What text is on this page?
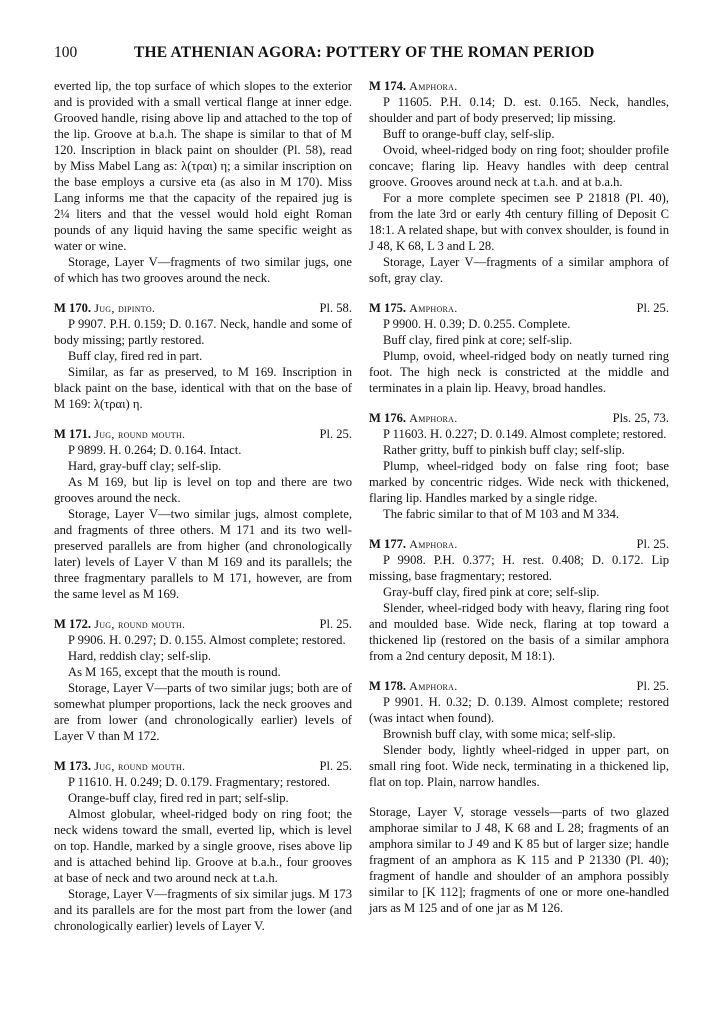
100	THE ATHENIAN AGORA: POTTERY OF THE ROMAN PERIOD

everted lip, the top surface of which slopes to the exterior and is provided with a small vertical flange at inner edge. Grooved handle, rising above lip and attached to the top of the lip. Groove at b.a.h. The shape is similar to that of M 120. Inscription in black paint on shoulder (Pl. 58), read by Miss Mabel Lang as: λ(τραι) η; a similar inscription on the base employs a cursive eta (as also in M 170). Miss Lang informs me that the capacity of the repaired jug is 2¼ liters and that the vessel would hold eight Roman pounds of any liquid having the same specific weight as water or wine.

Storage, Layer V—fragments of two similar jugs, one of which has two grooves around the neck.

M 170. Jug, dipinto.	Pl. 58.

P 9907. P.H. 0.159; D. 0.167. Neck, handle and some of body missing; partly restored.

Buff clay, fired red in part.

Similar, as far as preserved, to M 169. Inscription in black paint on the base, identical with that on the base of M 169: λ(τραι) η.

M 171. Jug, round mouth.	Pl. 25.

P 9899. H. 0.264; D. 0.164. Intact.

Hard, gray-buff clay; self-slip.

As M 169, but lip is level on top and there are two grooves around the neck.

Storage, Layer V—two similar jugs, almost complete, and fragments of three others. M 171 and its two well-preserved parallels are from higher (and chronologically later) levels of Layer V than M 169 and its parallels; the three fragmentary parallels to M 171, however, are from the same level as M 169.

M 172. Jug, round mouth.	Pl. 25.

P 9906. H. 0.297; D. 0.155. Almost complete; restored.

Hard, reddish clay; self-slip.

As M 165, except that the mouth is round.

Storage, Layer V—parts of two similar jugs; both are of somewhat plumper proportions, lack the neck grooves and are from lower (and chronologically earlier) levels of Layer V than M 172.

M 173. Jug, round mouth.	Pl. 25.

P 11610. H. 0.249; D. 0.179. Fragmentary; restored.

Orange-buff clay, fired red in part; self-slip.

Almost globular, wheel-ridged body on ring foot; the neck widens toward the small, everted lip, which is level on top. Handle, marked by a single groove, rises above lip and is attached behind lip. Groove at b.a.h., four grooves at base of neck and two around neck at t.a.h.

Storage, Layer V—fragments of six similar jugs. M 173 and its parallels are for the most part from the lower (and chronologically earlier) levels of Layer V.

M 174. Amphora.

P 11605. P.H. 0.14; D. est. 0.165. Neck, handles, shoulder and part of body preserved; lip missing.

Buff to orange-buff clay, self-slip.

Ovoid, wheel-ridged body on ring foot; shoulder profile concave; flaring lip. Heavy handles with deep central groove. Grooves around neck at t.a.h. and at b.a.h.

For a more complete specimen see P 21818 (Pl. 40), from the late 3rd or early 4th century filling of Deposit C 18:1. A related shape, but with convex shoulder, is found in J 48, K 68, L 3 and L 28.

Storage, Layer V—fragments of a similar amphora of soft, gray clay.

M 175. Amphora.	Pl. 25.

P 9900. H. 0.39; D. 0.255. Complete.

Buff clay, fired pink at core; self-slip.

Plump, ovoid, wheel-ridged body on neatly turned ring foot. The high neck is constricted at the middle and terminates in a plain lip. Heavy, broad handles.

M 176. Amphora.	Pls. 25, 73.

P 11603. H. 0.227; D. 0.149. Almost complete; restored.

Rather gritty, buff to pinkish buff clay; self-slip.

Plump, wheel-ridged body on false ring foot; base marked by concentric ridges. Wide neck with thickened, flaring lip. Handles marked by a single ridge.

The fabric similar to that of M 103 and M 334.

M 177. Amphora.	Pl. 25.

P 9908. P.H. 0.377; H. rest. 0.408; D. 0.172. Lip missing, base fragmentary; restored.

Gray-buff clay, fired pink at core; self-slip.

Slender, wheel-ridged body with heavy, flaring ring foot and moulded base. Wide neck, flaring at top toward a thickened lip (restored on the basis of a similar amphora from a 2nd century deposit, M 18:1).

M 178. Amphora.	Pl. 25.

P 9901. H. 0.32; D. 0.139. Almost complete; restored (was intact when found).

Brownish buff clay, with some mica; self-slip.

Slender body, lightly wheel-ridged in upper part, on small ring foot. Wide neck, terminating in a thickened lip, flat on top. Plain, narrow handles.

Storage, Layer V, storage vessels—parts of two glazed amphorae similar to J 48, K 68 and L 28; fragments of an amphora similar to J 49 and K 85 but of larger size; handle fragment of an amphora as K 115 and P 21330 (Pl. 40); fragment of handle and shoulder of an amphora possibly similar to [K 112]; fragments of one or more one-handled jars as M 125 and of one jar as M 126.
